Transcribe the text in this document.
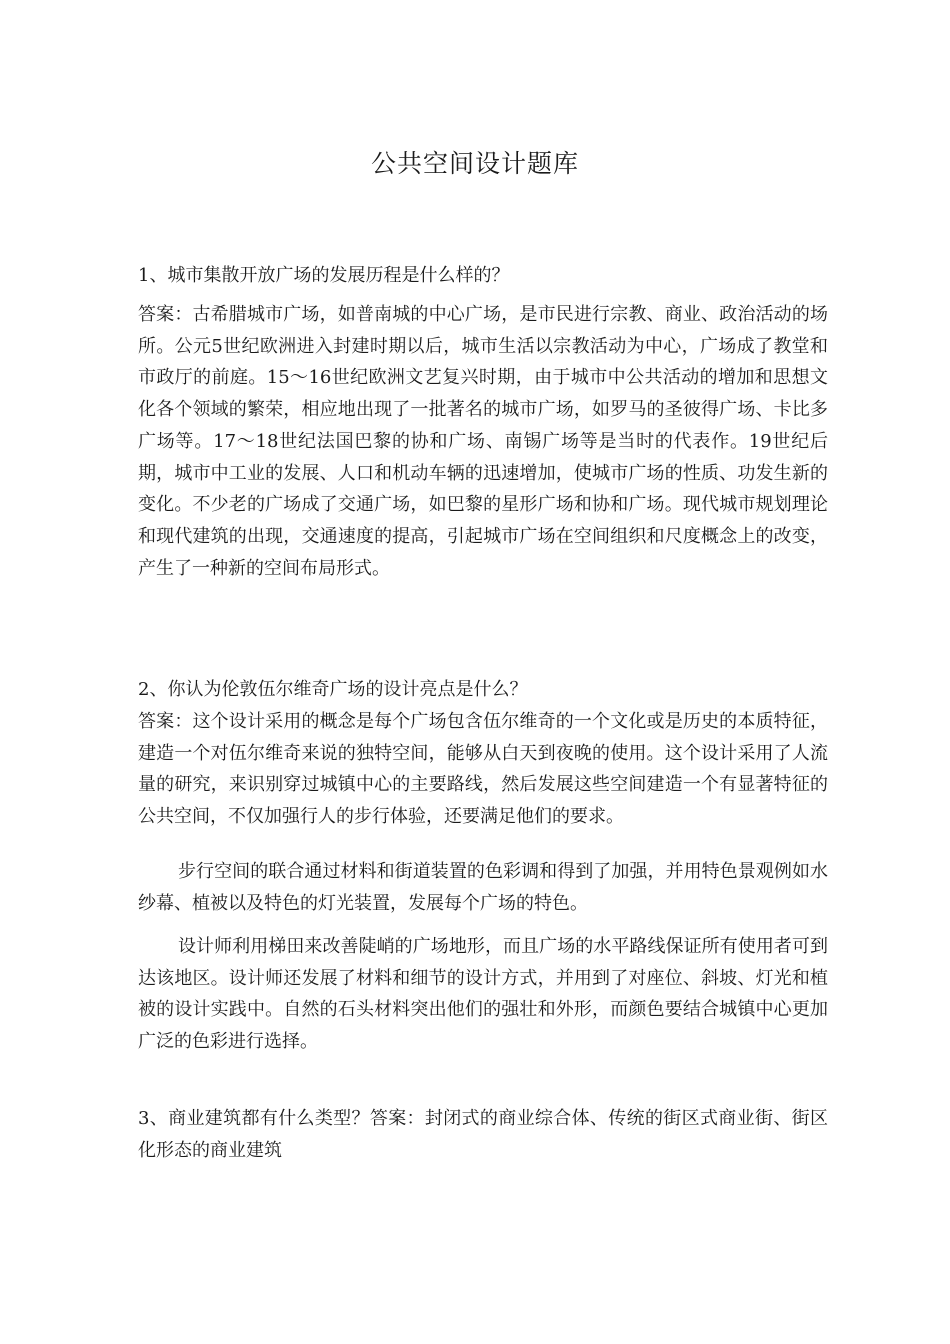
公共空间设计题库

1、城市集散开放广场的发展历程是什么样的？

答案：古希腊城市广场，如普南城的中心广场，是市民进行宗教、商业、政治活动的场所。公元5世纪欧洲进入封建时期以后，城市生活以宗教活动为中心，广场成了教堂和市政厅的前庭。15〜16世纪欧洲文艺复兴时期，由于城市中公共活动的增加和思想文化各个领域的繁荣，相应地出现了一批著名的城市广场，如罗马的圣彼得广场、卡比多广场等。17〜18世纪法国巴黎的协和广场、南锡广场等是当时的代表作。19世纪后期，城市中工业的发展、人口和机动车辆的迅速增加，使城市广场的性质、功发生新的变化。不少老的广场成了交通广场，如巴黎的星形广场和协和广场。现代城市规划理论和现代建筑的出现，交通速度的提高，引起城市广场在空间组织和尺度概念上的改变，产生了一种新的空间布局形式。

2、你认为伦敦伍尔维奇广场的设计亮点是什么？

答案：这个设计采用的概念是每个广场包含伍尔维奇的一个文化或是历史的本质特征，建造一个对伍尔维奇来说的独特空间，能够从白天到夜晚的使用。这个设计采用了人流量的研究，来识别穿过城镇中心的主要路线，然后发展这些空间建造一个有显著特征的公共空间，不仅加强行人的步行体验，还要满足他们的要求。

步行空间的联合通过材料和街道装置的色彩调和得到了加强，并用特色景观例如水纱幕、植被以及特色的灯光装置，发展每个广场的特色。

设计师利用梯田来改善陡峭的广场地形，而且广场的水平路线保证所有使用者可到达该地区。设计师还发展了材料和细节的设计方式，并用到了对座位、斜坡、灯光和植被的设计实践中。自然的石头材料突出他们的强壮和外形，而颜色要结合城镇中心更加广泛的色彩进行选择。

3、商业建筑都有什么类型？答案：封闭式的商业综合体、传统的街区式商业街、街区化形态的商业建筑
